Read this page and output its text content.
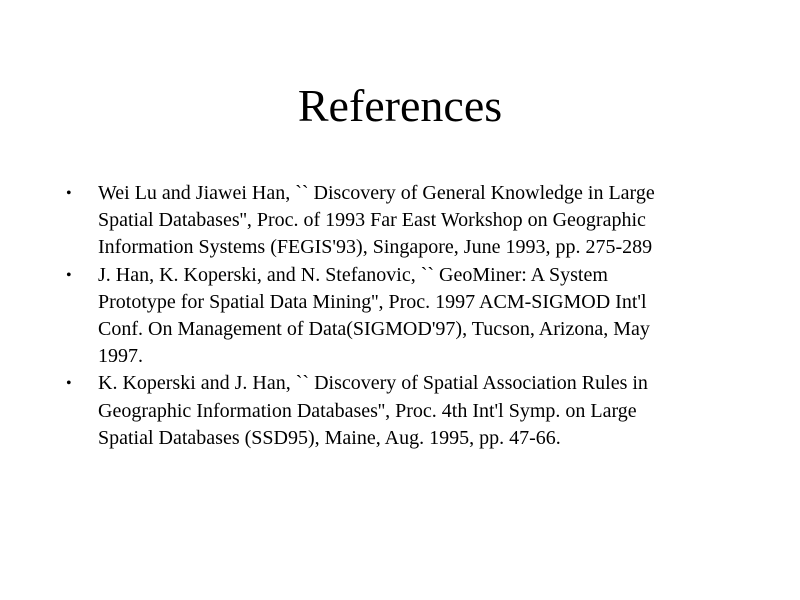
References
• Wei Lu and Jiawei Han, `` Discovery of General Knowledge in Large
Spatial Databases'', Proc. of 1993 Far East Workshop on Geographic
Information Systems (FEGIS'93), Singapore, June 1993, pp. 275-289
• J. Han, K. Koperski, and N. Stefanovic, `` GeoMiner: A System
Prototype for Spatial Data Mining'', Proc. 1997 ACM-SIGMOD Int'l
Conf. On Management of Data(SIGMOD'97), Tucson, Arizona, May
1997.
• K. Koperski and J. Han, `` Discovery of Spatial Association Rules in
Geographic Information Databases'', Proc. 4th Int'l Symp. on Large
Spatial Databases (SSD95), Maine, Aug. 1995, pp. 47-66.
